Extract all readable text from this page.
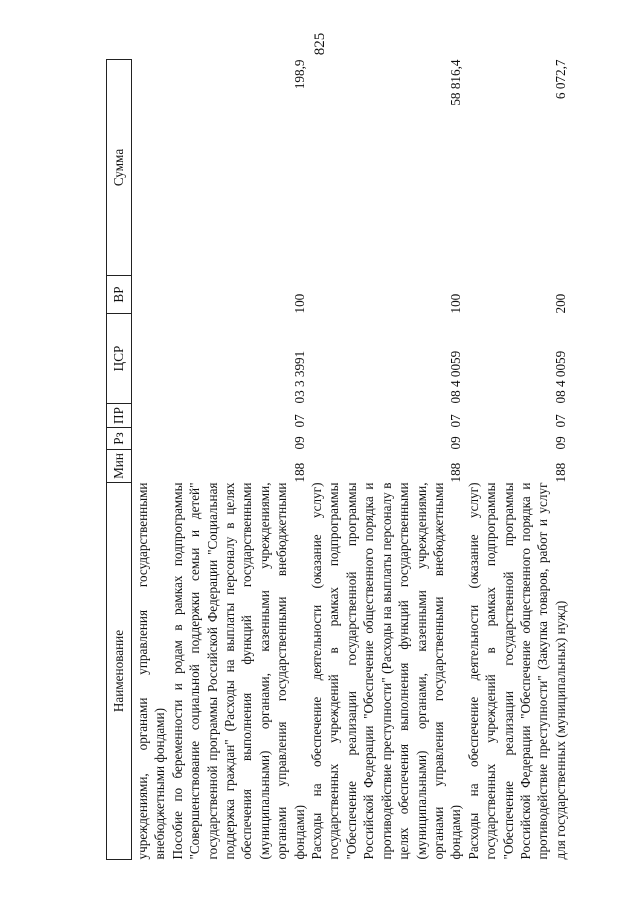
825
Наименование	Мин	Рз	ПР	ЦСР	ВР	Сумма
учреждениями, органами управления государственными внебюджетными фондами)						
Пособие по беременности и родам в рамках подпрограммы "Совершенствование социальной поддержки семьи и детей" государственной программы Российской Федерации "Социальная поддержка граждан" (Расходы на выплаты персоналу в целях обеспечения выполнения функций государственными (муниципальными) органами, казенными учреждениями, органами управления государственными внебюджетными фондами)	188	09	07	03 3 3991	100	198,9
Расходы на обеспечение деятельности (оказание услуг) государственных учреждений в рамках подпрограммы "Обеспечение реализации государственной программы Российской Федерации "Обеспечение общественного порядка и противодействие преступности" (Расходы на выплаты персоналу в целях обеспечения выполнения функций государственными (муниципальными) органами, казенными учреждениями, органами управления государственными внебюджетными фондами)	188	09	07	08 4 0059	100	58 816,4
Расходы на обеспечение деятельности (оказание услуг) государственных учреждений в рамках подпрограммы "Обеспечение реализации государственной программы Российской Федерации "Обеспечение общественного порядка и противодействие преступности" (Закупка товаров, работ и услуг для государственных (муниципальных) нужд)	188	09	07	08 4 0059	200	6 072,7
